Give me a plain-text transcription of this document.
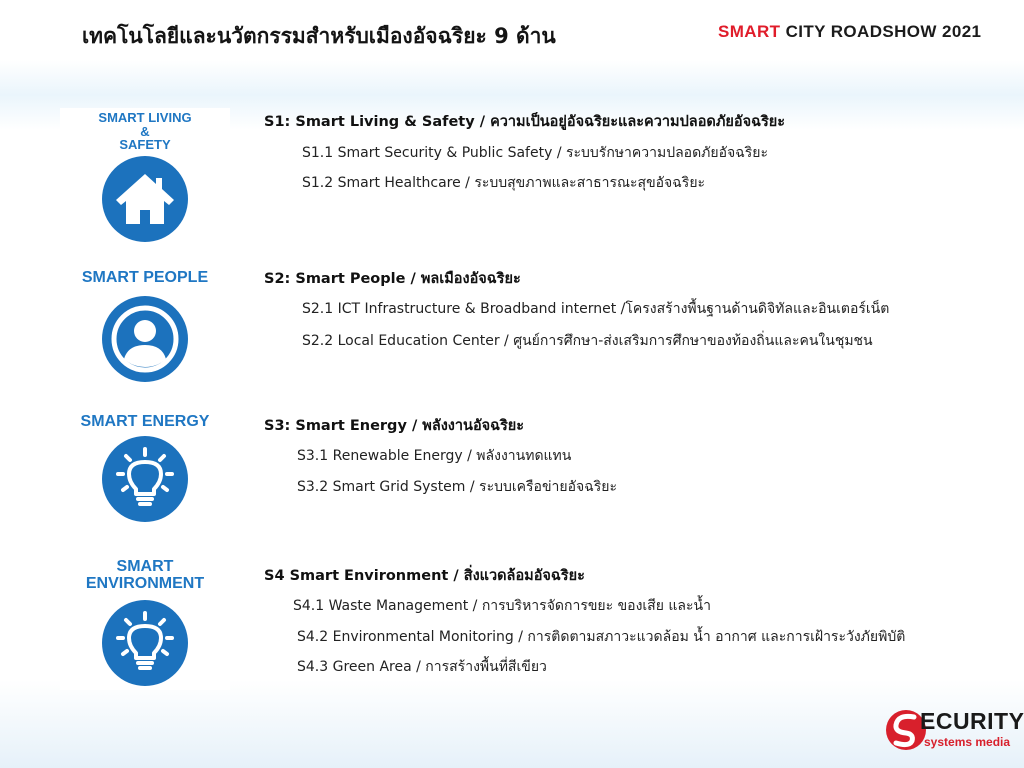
เทคโนโลยีและนวัตกรรมสำหรับเมืองอัจฉริยะ 9 ด้าน	SMART CITY ROADSHOW 2021
SMART LIVING
&
SAFETY
SMART PEOPLE
SMART ENERGY
SMART
ENVIRONMENT
S1: Smart Living & Safety / ความเป็นอยู่อัจฉริยะและความปลอดภัยอัจฉริยะ
S1.1 Smart Security & Public Safety / ระบบรักษาความปลอดภัยอัจฉริยะ
S1.2 Smart Healthcare / ระบบสุขภาพและสาธารณะสุขอัจฉริยะ
S2: Smart People / พลเมืองอัจฉริยะ
S2.1 ICT Infrastructure & Broadband internet /โครงสร้างพื้นฐานด้านดิจิทัลและอินเตอร์เน็ต
S2.2 Local Education Center / ศูนย์การศึกษา-ส่งเสริมการศึกษาของท้องถิ่นและคนในชุมชน
S3: Smart Energy / พลังงานอัจฉริยะ
S3.1 Renewable Energy / พลังงานทดแทน
S3.2 Smart Grid System / ระบบเครือข่ายอัจฉริยะ
S4 Smart Environment / สิ่งแวดล้อมอัจฉริยะ
S4.1 Waste Management / การบริหารจัดการขยะ ของเสีย และน้ำ
S4.2 Environmental Monitoring / การติดตามสภาวะแวดล้อม น้ำ อากาศ และการเฝ้าระวังภัยพิบัติ
S4.3 Green Area / การสร้างพื้นที่สีเขียว
ECURITY
systems media
